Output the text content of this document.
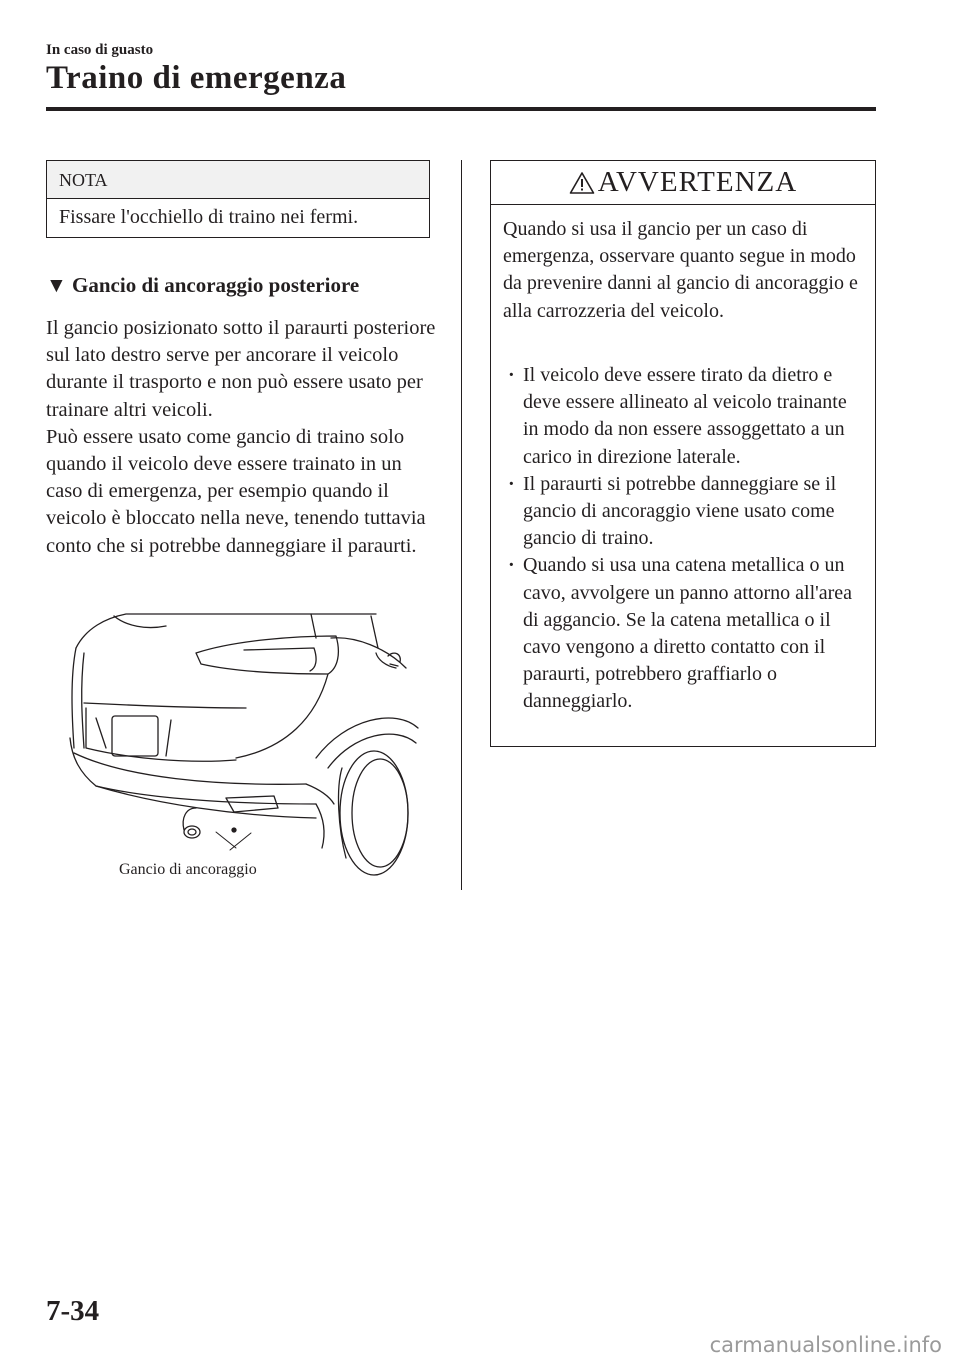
In caso di guasto
Traino di emergenza
NOTA
Fissare l'occhiello di traino nei fermi.
▼ Gancio di ancoraggio posteriore

Il gancio posizionato sotto il paraurti posteriore sul lato destro serve per ancorare il veicolo durante il trasporto e non può essere usato per trainare altri veicoli.

Può essere usato come gancio di traino solo quando il veicolo deve essere trainato in un caso di emergenza, per esempio quando il veicolo è bloccato nella neve, tenendo tuttavia conto che si potrebbe danneggiare il paraurti.

Gancio di ancoraggio
AVVERTENZA

Quando si usa il gancio per un caso di emergenza, osservare quanto segue in modo da prevenire danni al gancio di ancoraggio e alla carrozzeria del veicolo.

· Il veicolo deve essere tirato da dietro e deve essere allineato al veicolo trainante in modo da non essere assoggettato a un carico in direzione laterale.
· Il paraurti si potrebbe danneggiare se il gancio di ancoraggio viene usato come gancio di traino.
· Quando si usa una catena metallica o un cavo, avvolgere un panno attorno all'area di aggancio. Se la catena metallica o il cavo vengono a diretto contatto con il paraurti, potrebbero graffiarlo o danneggiarlo.
7-34
carmanualsonline.info
